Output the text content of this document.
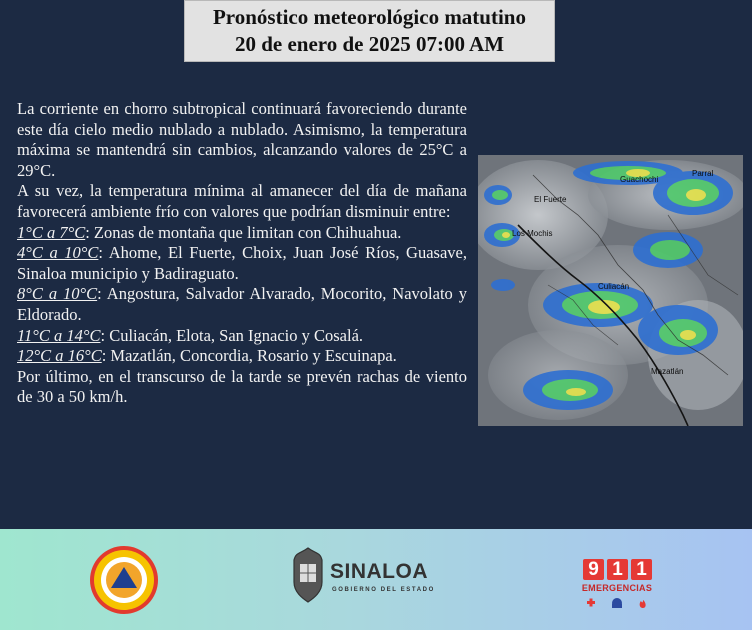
Pronóstico meteorológico matutino
20 de enero de 2025 07:00 AM

La corriente en chorro subtropical continuará favoreciendo durante este día cielo medio nublado a nublado. Asimismo, la temperatura máxima se mantendrá sin cambios, alcanzando valores de 25°C a 29°C.

A su vez, la temperatura mínima al amanecer del día de mañana favorecerá ambiente frío con valores que podrían disminuir entre:

1°C a 7°C: Zonas de montaña que limitan con Chihuahua.

4°C a 10°C: Ahome, El Fuerte, Choix, Juan José Ríos, Guasave, Sinaloa municipio y Badiraguato.

8°C a 10°C: Angostura, Salvador Alvarado, Mocorito, Navolato y Eldorado.

11°C a 14°C: Culiacán, Elota, San Ignacio y Cosalá.

12°C a 16°C: Mazatlán, Concordia, Rosario y Escuinapa.

Por último, en el transcurso de la tarde se prevén rachas de viento de 30 a 50 km/h.

Guachochi
Parral
El Fuerte
Los Mochis
Culiacán
Mazatlán
SINALOA
GOBIERNO DEL ESTADO
9 1 1
EMERGENCIAS
